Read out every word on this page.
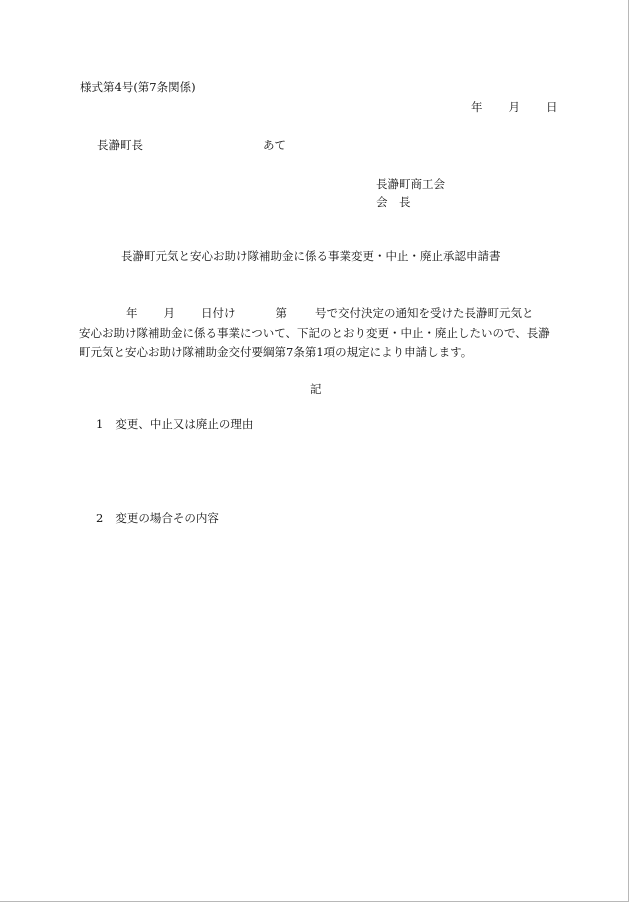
様式第4号(第7条関係)
年 月 日
長瀞町長	あて
長瀞町商工会
会　長
長瀞町元気と安心お助け隊補助金に係る事業変更・中止・廃止承認申請書
年 月 日付け	第 号で交付決定の通知を受けた長瀞町元気と
安心お助け隊補助金に係る事業について、下記のとおり変更・中止・廃止したいので、長瀞
町元気と安心お助け隊補助金交付要綱第7条第1項の規定により申請します。
記
1 変更、中止又は廃止の理由
2 変更の場合その内容
